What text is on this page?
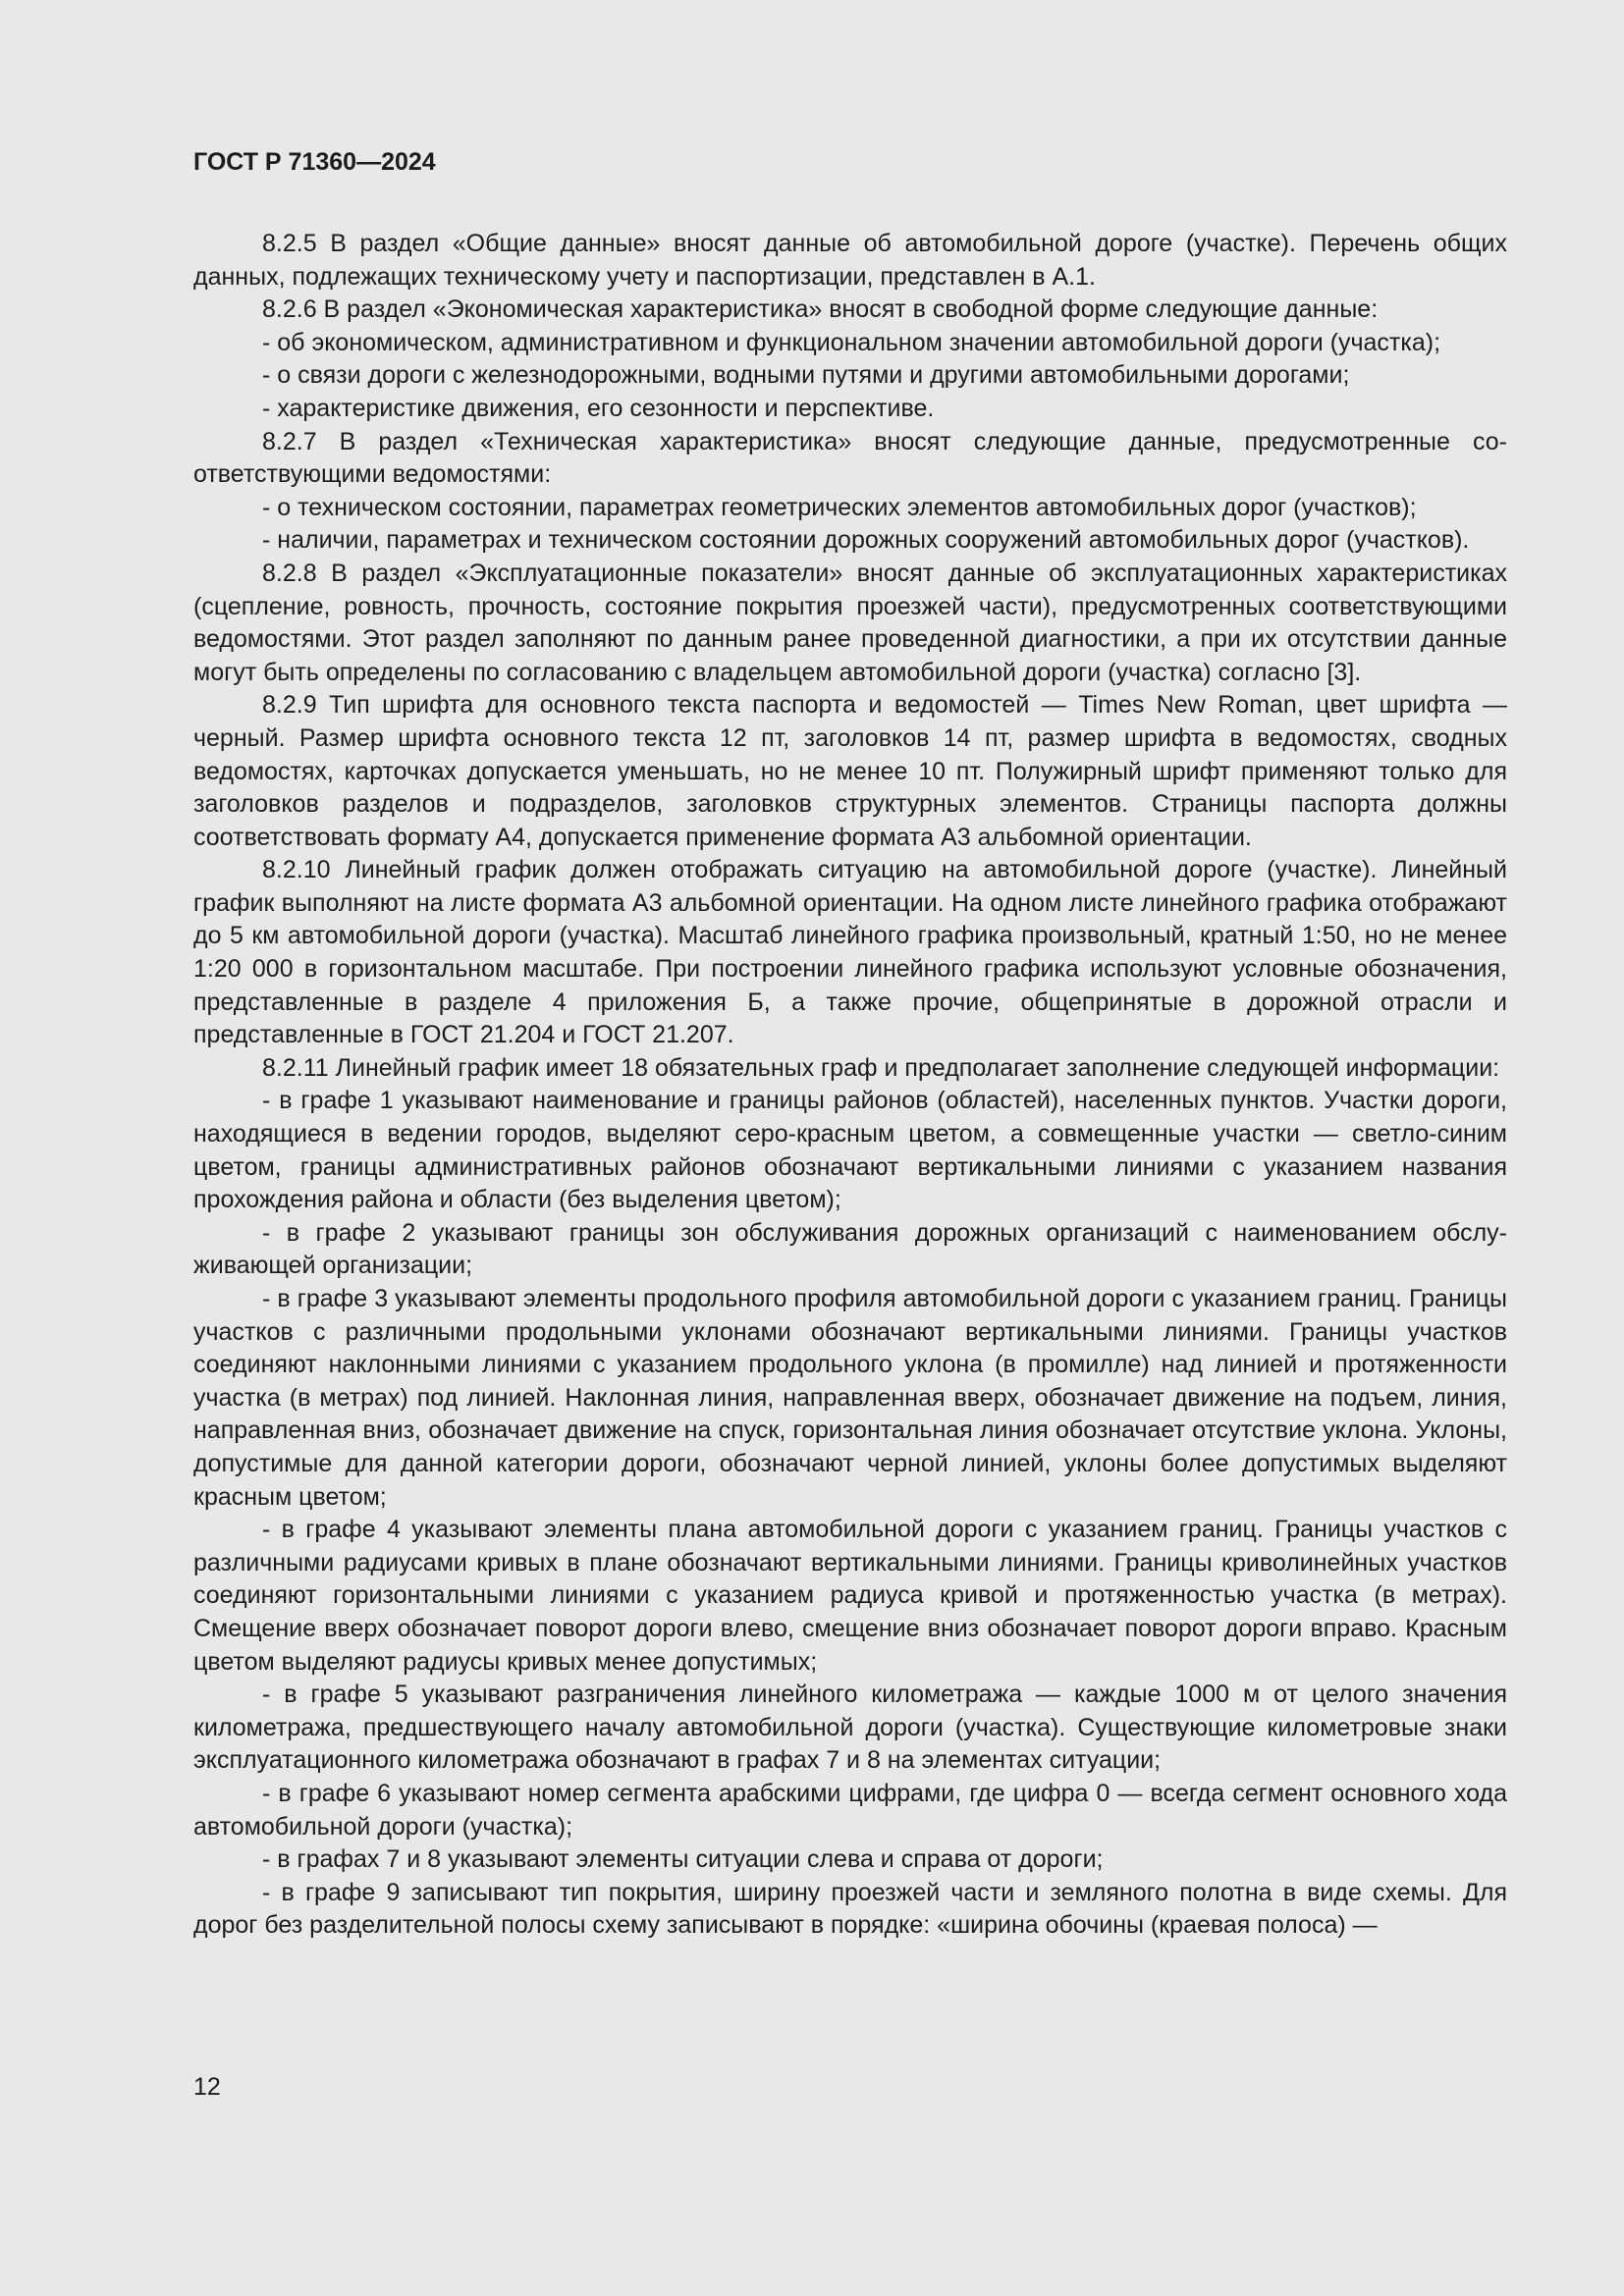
ГОСТ Р 71360—2024

8.2.5 В раздел «Общие данные» вносят данные об автомобильной дороге (участке). Перечень общих данных, подлежащих техническому учету и паспортизации, представлен в А.1.

8.2.6 В раздел «Экономическая характеристика» вносят в свободной форме следующие данные:

- об экономическом, административном и функциональном значении автомобильной дороги (участка);

- о связи дороги с железнодорожными, водными путями и другими автомобильными дорогами;

- характеристике движения, его сезонности и перспективе.

8.2.7 В раздел «Техническая характеристика» вносят следующие данные, предусмотренные соответствующими ведомостями:

- о техническом состоянии, параметрах геометрических элементов автомобильных дорог (участков);

- наличии, параметрах и техническом состоянии дорожных сооружений автомобильных дорог (участков).

8.2.8 В раздел «Эксплуатационные показатели» вносят данные об эксплуатационных характеристиках (сцепление, ровность, прочность, состояние покрытия проезжей части), предусмотренных соответствующими ведомостями. Этот раздел заполняют по данным ранее проведенной диагностики, а при их отсутствии данные могут быть определены по согласованию с владельцем автомобильной дороги (участка) согласно [3].

8.2.9 Тип шрифта для основного текста паспорта и ведомостей — Times New Roman, цвет шрифта — черный. Размер шрифта основного текста 12 пт, заголовков 14 пт, размер шрифта в ведомостях, сводных ведомостях, карточках допускается уменьшать, но не менее 10 пт. Полужирный шрифт применяют только для заголовков разделов и подразделов, заголовков структурных элементов. Страницы паспорта должны соответствовать формату А4, допускается применение формата А3 альбомной ориентации.

8.2.10 Линейный график должен отображать ситуацию на автомобильной дороге (участке). Линейный график выполняют на листе формата А3 альбомной ориентации. На одном листе линейного графика отображают до 5 км автомобильной дороги (участка). Масштаб линейного графика произвольный, кратный 1:50, но не менее 1:20 000 в горизонтальном масштабе. При построении линейного графика используют условные обозначения, представленные в разделе 4 приложения Б, а также прочие, общепринятые в дорожной отрасли и представленные в ГОСТ 21.204 и ГОСТ 21.207.

8.2.11 Линейный график имеет 18 обязательных граф и предполагает заполнение следующей информации:

- в графе 1 указывают наименование и границы районов (областей), населенных пунктов. Участки дороги, находящиеся в ведении городов, выделяют серо-красным цветом, а совмещенные участки — светло-синим цветом, границы административных районов обозначают вертикальными линиями с указанием названия прохождения района и области (без выделения цветом);

- в графе 2 указывают границы зон обслуживания дорожных организаций с наименованием обслуживающей организации;

- в графе 3 указывают элементы продольного профиля автомобильной дороги с указанием границ. Границы участков с различными продольными уклонами обозначают вертикальными линиями. Границы участков соединяют наклонными линиями с указанием продольного уклона (в промилле) над линией и протяженности участка (в метрах) под линией. Наклонная линия, направленная вверх, обозначает движение на подъем, линия, направленная вниз, обозначает движение на спуск, горизонтальная линия обозначает отсутствие уклона. Уклоны, допустимые для данной категории дороги, обозначают черной линией, уклоны более допустимых выделяют красным цветом;

- в графе 4 указывают элементы плана автомобильной дороги с указанием границ. Границы участков с различными радиусами кривых в плане обозначают вертикальными линиями. Границы криволинейных участков соединяют горизонтальными линиями с указанием радиуса кривой и протяженностью участка (в метрах). Смещение вверх обозначает поворот дороги влево, смещение вниз обозначает поворот дороги вправо. Красным цветом выделяют радиусы кривых менее допустимых;

- в графе 5 указывают разграничения линейного километража — каждые 1000 м от целого значения километража, предшествующего началу автомобильной дороги (участка). Существующие километровые знаки эксплуатационного километража обозначают в графах 7 и 8 на элементах ситуации;

- в графе 6 указывают номер сегмента арабскими цифрами, где цифра 0 — всегда сегмент основного хода автомобильной дороги (участка);

- в графах 7 и 8 указывают элементы ситуации слева и справа от дороги;

- в графе 9 записывают тип покрытия, ширину проезжей части и земляного полотна в виде схемы. Для дорог без разделительной полосы схему записывают в порядке: «ширина обочины (краевая полоса) —

12
